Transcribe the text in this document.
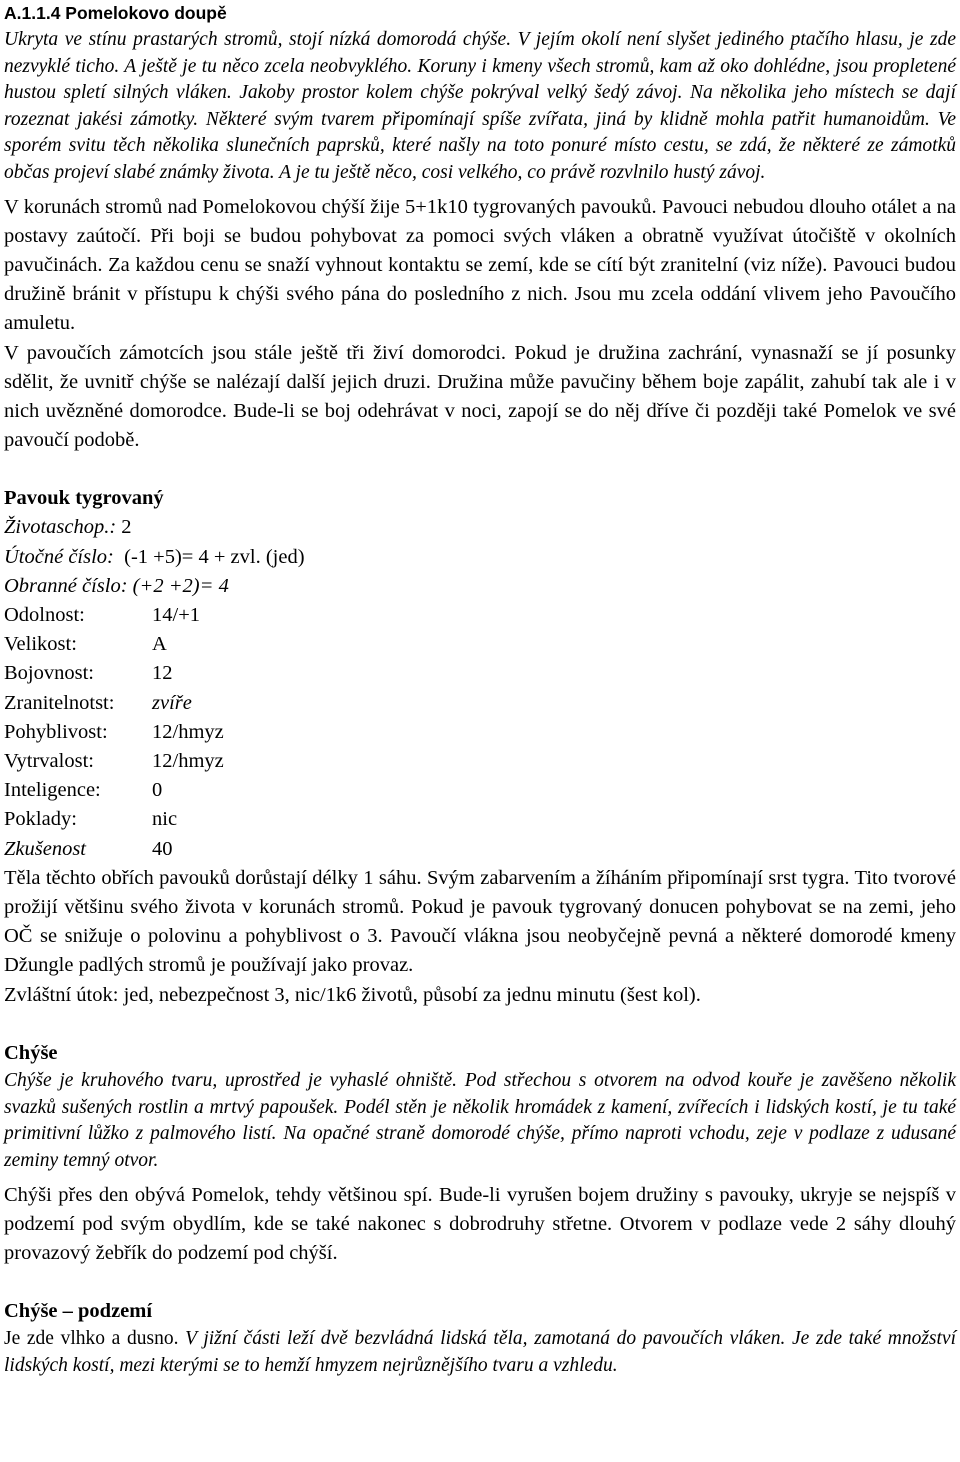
A.1.1.4 Pomelokovo doupě

Ukryta ve stínu prastarých stromů, stojí nízká domorodá chýše. V jejím okolí není slyšet jediného ptačího hlasu, je zde nezvyklé ticho. A ještě je tu něco zcela neobvyklého. Koruny i kmeny všech stromů, kam až oko dohlédne, jsou propletené hustou spletí silných vláken. Jakoby prostor kolem chýše pokrýval velký šedý závoj. Na několika jeho místech se dají rozeznat jakési zámotky. Některé svým tvarem připomínají spíše zvířata, jiná by klidně mohla patřit humanoidům. Ve sporém svitu těch několika slunečních paprsků, které našly na toto ponuré místo cestu, se zdá, že některé ze zámotků občas projeví slabé známky života. A je tu ještě něco, cosi velkého, co právě rozvlnilo hustý závoj.

V korunách stromů nad Pomelokovou chýší žije 5+1k10 tygrovaných pavouků. Pavouci nebudou dlouho otálet a na postavy zaútočí. Při boji se budou pohybovat za pomoci svých vláken a obratně využívat útočiště v okolních pavučinách. Za každou cenu se snaží vyhnout kontaktu se zemí, kde se cítí být zranitelní (viz níže). Pavouci budou družině bránit v přístupu k chýši svého pána do posledního z nich. Jsou mu zcela oddání vlivem jeho Pavoučího amuletu.

V pavoučích zámotcích jsou stále ještě tři živí domorodci. Pokud je družina zachrání, vynasnaží se jí posunky sdělit, že uvnitř chýše se nalézají další jejich druzi. Družina může pavučiny během boje zapálit, zahubí tak ale i v nich uvězněné domorodce. Bude-li se boj odehrávat v noci, zapojí se do něj dříve či později také Pomelok ve své pavoučí podobě.

Pavouk tygrovaný
Životaschop.:
2
Útočné číslo:
(-1 +5)= 4 + zvl. (jed)
Obranné číslo: (+2 +2)= 4
Odolnost:	14/+1
Velikost:	A
Bojovnost:	12
Zranitelnotst:	zvíře
Pohyblivost:	12/hmyz
Vytrvalost:	12/hmyz
Inteligence:	0
Poklady:	nic
Zkušenost	40

Těla těchto obřích pavouků dorůstají délky 1 sáhu. Svým zabarvením a žíháním připomínají srst tygra. Tito tvorové prožijí většinu svého života v korunách stromů. Pokud je pavouk tygrovaný donucen pohybovat se na zemi, jeho OČ se snižuje o polovinu a pohyblivost o 3. Pavoučí vlákna jsou neobyčejně pevná a některé domorodé kmeny Džungle padlých stromů je používají jako provaz.

Zvláštní útok: jed, nebezpečnost 3, nic/1k6 životů, působí za jednu minutu (šest kol).

Chýše

Chýše je kruhového tvaru, uprostřed je vyhaslé ohniště. Pod střechou s otvorem na odvod kouře je zavěšeno několik svazků sušených rostlin a mrtvý papoušek. Podél stěn je několik hromádek z kamení, zvířecích i lidských kostí, je tu také primitivní lůžko z palmového listí. Na opačné straně domorodé chýše, přímo naproti vchodu, zeje v podlaze z udusané zeminy temný otvor.

Chýši přes den obývá Pomelok, tehdy většinou spí. Bude-li vyrušen bojem družiny s pavouky, ukryje se nejspíš v podzemí pod svým obydlím, kde se také nakonec s dobrodruhy střetne. Otvorem v podlaze vede 2 sáhy dlouhý provazový žebřík do podzemí pod chýší.

Chýše – podzemí

Je zde vlhko a dusno. V jižní části leží dvě bezvládná lidská těla, zamotaná do pavoučích vláken. Je zde také množství lidských kostí, mezi kterými se to hemží hmyzem nejrůznějšího tvaru a vzhledu.
